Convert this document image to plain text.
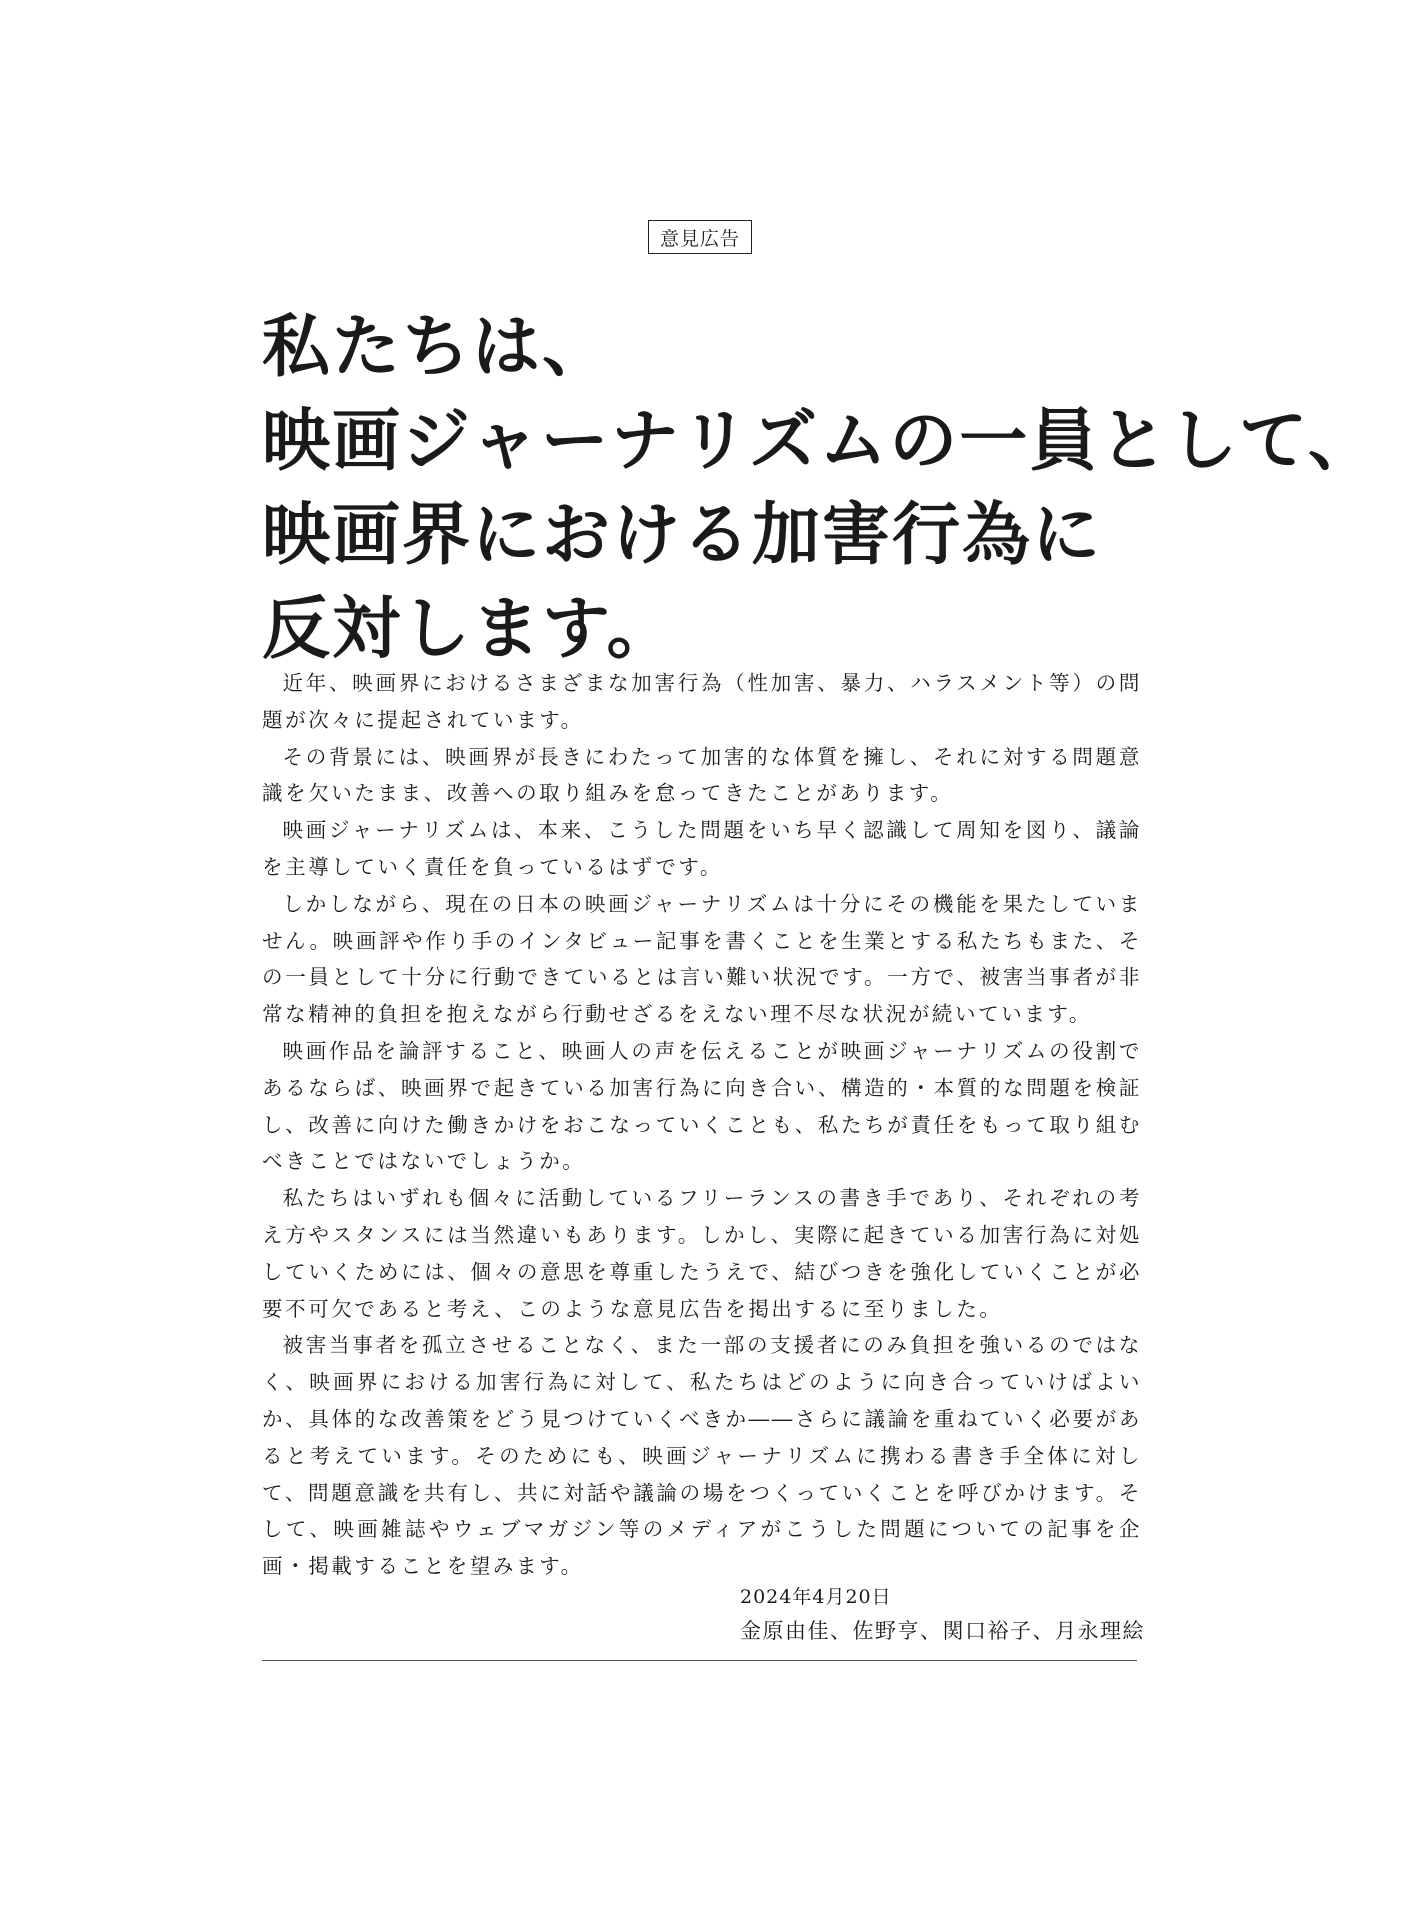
意見広告
私たちは、
映画ジャーナリズムの一員として、
映画界における加害行為に
反対します。

近年、映画界におけるさまざまな加害行為（性加害、暴力、ハラスメント等）の問題が次々に提起されています。

その背景には、映画界が長きにわたって加害的な体質を擁し、それに対する問題意識を欠いたまま、改善への取り組みを怠ってきたことがあります。

映画ジャーナリズムは、本来、こうした問題をいち早く認識して周知を図り、議論を主導していく責任を負っているはずです。

しかしながら、現在の日本の映画ジャーナリズムは十分にその機能を果たしていません。映画評や作り手のインタビュー記事を書くことを生業とする私たちもまた、その一員として十分に行動できているとは言い難い状況です。一方で、被害当事者が非常な精神的負担を抱えながら行動せざるをえない理不尽な状況が続いています。

映画作品を論評すること、映画人の声を伝えることが映画ジャーナリズムの役割であるならば、映画界で起きている加害行為に向き合い、構造的・本質的な問題を検証し、改善に向けた働きかけをおこなっていくことも、私たちが責任をもって取り組むべきことではないでしょうか。

私たちはいずれも個々に活動しているフリーランスの書き手であり、それぞれの考え方やスタンスには当然違いもあります。しかし、実際に起きている加害行為に対処していくためには、個々の意思を尊重したうえで、結びつきを強化していくことが必要不可欠であると考え、このような意見広告を掲出するに至りました。

被害当事者を孤立させることなく、また一部の支援者にのみ負担を強いるのではなく、映画界における加害行為に対して、私たちはどのように向き合っていけばよいか、具体的な改善策をどう見つけていくべきか――さらに議論を重ねていく必要があると考えています。そのためにも、映画ジャーナリズムに携わる書き手全体に対して、問題意識を共有し、共に対話や議論の場をつくっていくことを呼びかけます。そして、映画雑誌やウェブマガジン等のメディアがこうした問題についての記事を企画・掲載することを望みます。

2024年4月20日
金原由佳、佐野亨、関口裕子、月永理絵
